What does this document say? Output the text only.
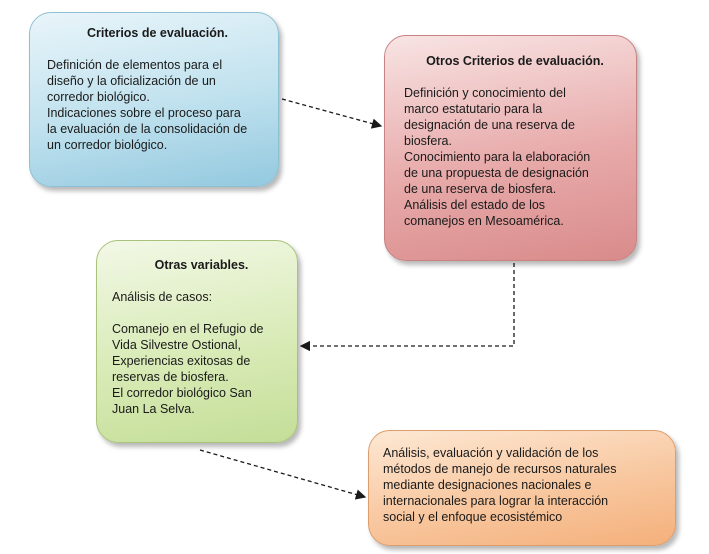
Criterios de evaluación.
Definición de elementos para el
diseño y la oficialización de un
corredor biológico.
Indicaciones sobre el proceso para
la evaluación de la consolidación de
un corredor biológico.
Otros Criterios de evaluación.
Definición y conocimiento del
marco estatutario para la
designación de una reserva de
biosfera.
Conocimiento para la elaboración
de una propuesta de designación
de una reserva de biosfera.
Análisis del estado de los
comanejos en Mesoamérica.
Otras variables.
Análisis de casos:
Comanejo en el Refugio de
Vida Silvestre Ostional,
Experiencias exitosas de
reservas de biosfera.
El corredor biológico San
Juan La Selva.
Análisis, evaluación y validación de los
métodos de manejo de recursos naturales
mediante designaciones nacionales e
internacionales para lograr la interacción
social y el enfoque ecosistémico
